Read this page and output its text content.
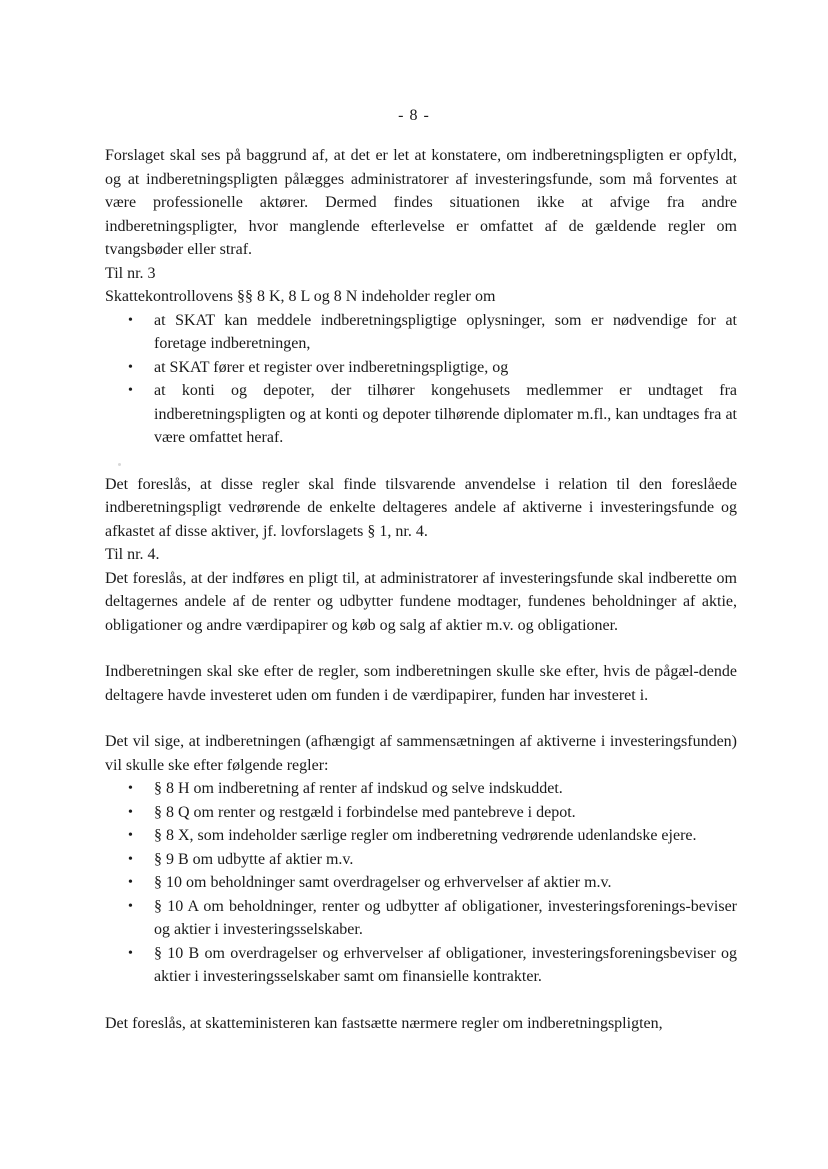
- 8 -

Forslaget skal ses på baggrund af, at det er let at konstatere, om indberetningspligten er opfyldt, og at indberetningspligten pålægges administratorer af investeringsfunde, som må forventes at være professionelle aktører. Dermed findes situationen ikke at afvige fra andre indberetningspligter, hvor manglende efterlevelse er omfattet af de gældende regler om tvangsbøder eller straf.

Til nr. 3

Skattekontrollovens §§ 8 K, 8 L og 8 N indeholder regler om

• at SKAT kan meddele indberetningspligtige oplysninger, som er nødvendige for at foretage indberetningen,
• at SKAT fører et register over indberetningspligtige, og
• at konti og depoter, der tilhører kongehusets medlemmer er undtaget fra indberetningspligten og at konti og depoter tilhørende diplomater m.fl., kan undtages fra at være omfattet heraf.

Det foreslås, at disse regler skal finde tilsvarende anvendelse i relation til den foreslåede indberetningspligt vedrørende de enkelte deltageres andele af aktiverne i investeringsfunde og afkastet af disse aktiver, jf. lovforslagets § 1, nr. 4.

Til nr. 4.

Det foreslås, at der indføres en pligt til, at administratorer af investeringsfunde skal indberette om deltagernes andele af de renter og udbytter fundene modtager, fundenes beholdninger af aktie, obligationer og andre værdipapirer og køb og salg af aktier m.v. og obligationer.

Indberetningen skal ske efter de regler, som indberetningen skulle ske efter, hvis de pågæl-dende deltagere havde investeret uden om funden i de værdipapirer, funden har investeret i.

Det vil sige, at indberetningen (afhængigt af sammensætningen af aktiverne i investeringsfunden) vil skulle ske efter følgende regler:

• § 8 H om indberetning af renter af indskud og selve indskuddet.
• § 8 Q om renter og restgæld i forbindelse med pantebreve i depot.
• § 8 X, som indeholder særlige regler om indberetning vedrørende udenlandske ejere.
• § 9 B om udbytte af aktier m.v.
• § 10 om beholdninger samt overdragelser og erhvervelser af aktier m.v.
• § 10 A om beholdninger, renter og udbytter af obligationer, investeringsforenings-beviser og aktier i investeringsselskaber.
• § 10 B om overdragelser og erhvervelser af obligationer, investeringsforeningsbeviser og aktier i investeringsselskaber samt om finansielle kontrakter.

Det foreslås, at skatteministeren kan fastsætte nærmere regler om indberetningspligten,
